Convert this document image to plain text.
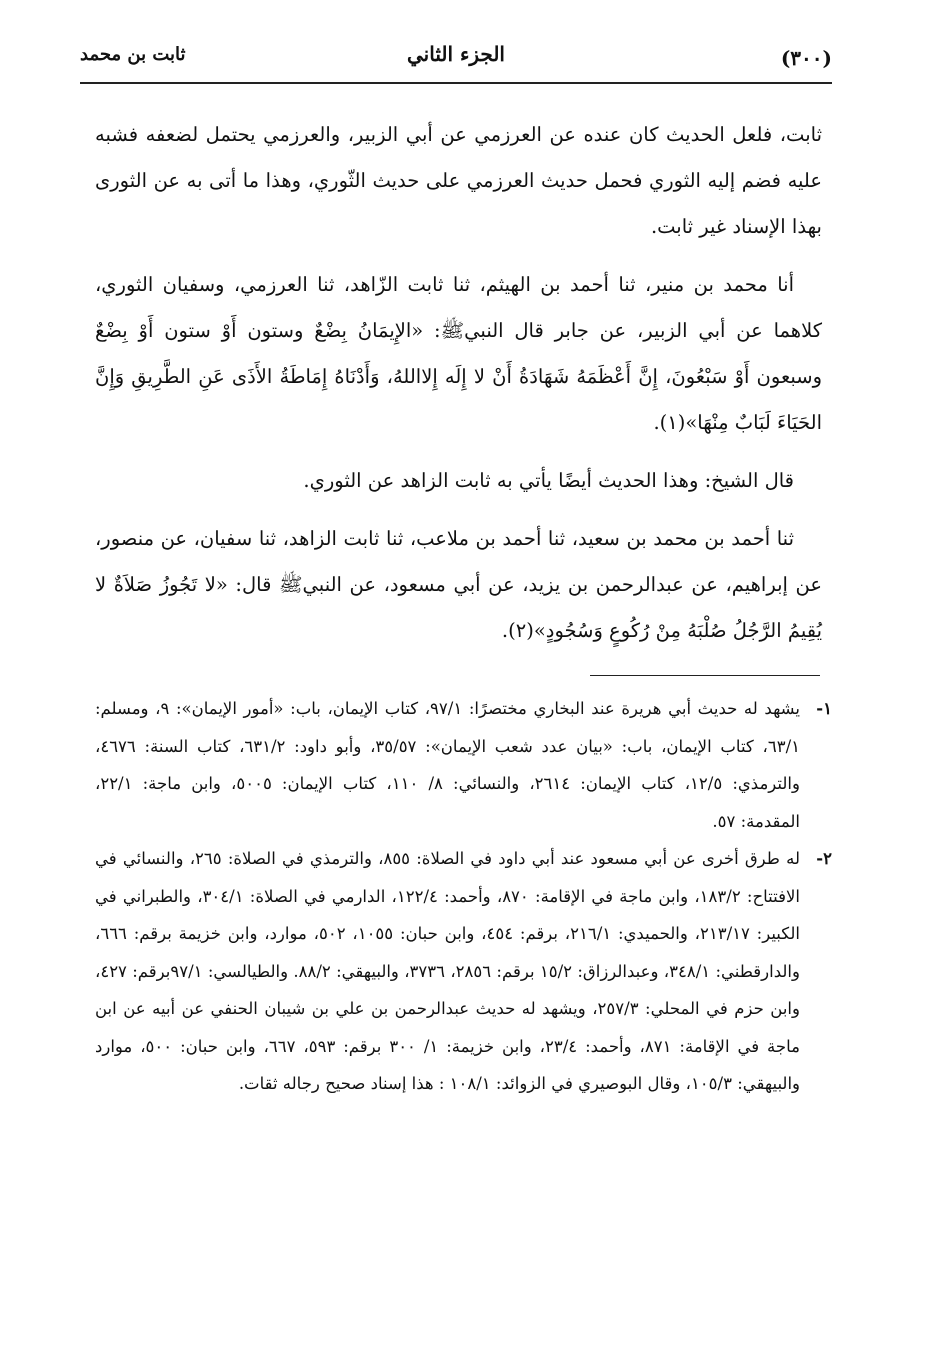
(٣٠٠)
الجزء الثاني
ثابت بن محمد

ثابت، فلعل الحديث كان عنده عن العرزمي عن أبي الزبير، والعرزمي يحتمل لضعفه فشبه عليه فضم إليه الثوري فحمل حديث العرزمي على حديث الثّوري، وهذا ما أتى به عن الثورى بهذا الإسناد غير ثابت.

أنا محمد بن منير، ثنا أحمد بن الهيثم، ثنا ثابت الزّاهد، ثنا العرزمي، وسفيان الثوري، كلاهما عن أبي الزبير، عن جابر قال النبيﷺ: «الإِيمَانُ بِضْعٌ وستون أَوْ ستون أَوْ بِضْعٌ وسبعون أَوْ سَبْعُونَ، إِنَّ أَعْظَمَهُ شَهَادَةُ أَنْ لا إِلَه إِلااللهُ، وَأَدْنَاهُ إِمَاطَةُ الأَذَى عَنِ الطَّرِيقِ وَإِنَّ الحَيَاءَ لَبَابٌ مِنْهَا»(١).

قال الشيخ: وهذا الحديث أيضًا يأتي به ثابت الزاهد عن الثوري.

ثنا أحمد بن محمد بن سعيد، ثنا أحمد بن ملاعب، ثنا ثابت الزاهد، ثنا سفيان، عن منصور، عن إبراهيم، عن عبدالرحمن بن يزيد، عن أبي مسعود، عن النبيﷺ قال: «لا تَجُوزُ صَلاَةٌ لا يُقِيمُ الرَّجُلُ صُلْبَهُ مِنْ رُكُوعٍ وَسُجُودٍ»(٢).

١-
يشهد له حديث أبي هريرة عند البخاري مختصرًا: ٩٧/١، كتاب الإيمان، باب: «أمور الإيمان»: ٩، ومسلم: ٦٣/١، كتاب الإيمان، باب: «بيان عدد شعب الإيمان»: ٣٥/٥٧، وأبو داود: ٦٣١/٢، كتاب السنة: ٤٦٧٦، والترمذي: ١٢/٥، كتاب الإيمان: ٢٦١٤، والنسائي: ٨/ ١١٠، كتاب الإيمان: ٥٠٠٥، وابن ماجة: ٢٢/١، المقدمة: ٥٧.
٢-
له طرق أخرى عن أبي مسعود عند أبي داود في الصلاة: ٨٥٥، والترمذي في الصلاة: ٢٦٥، والنسائي في الافتتاح: ١٨٣/٢، وابن ماجة في الإقامة: ٨٧٠، وأحمد: ١٢٢/٤، الدارمي في الصلاة: ٣٠٤/١، والطبراني في الكبير: ٢١٣/١٧، والحميدي: ٢١٦/١، برقم: ٤٥٤، وابن حبان: ١٠٥٥، ٥٠٢، موارد، وابن خزيمة برقم: ٦٦٦، والدارقطني: ٣٤٨/١، وعبدالرزاق: ١٥/٢ برقم: ٢٨٥٦، ٣٧٣٦، والبيهقي: ٨٨/٢. والطيالسي: ٩٧/١برقم: ٤٢٧، وابن حزم في المحلي: ٢٥٧/٣، ويشهد له حديث عبدالرحمن بن علي بن شيبان الحنفي عن أبيه عن ابن ماجة في الإقامة: ٨٧١، وأحمد: ٢٣/٤، وابن خزيمة: ١/ ٣٠٠ برقم: ٥٩٣، ٦٦٧، وابن حبان: ٥٠٠، موارد والبيهقي: ١٠٥/٣، وقال البوصيري في الزوائد: ١٠٨/١ : هذا إسناد صحيح رجاله ثقات.
